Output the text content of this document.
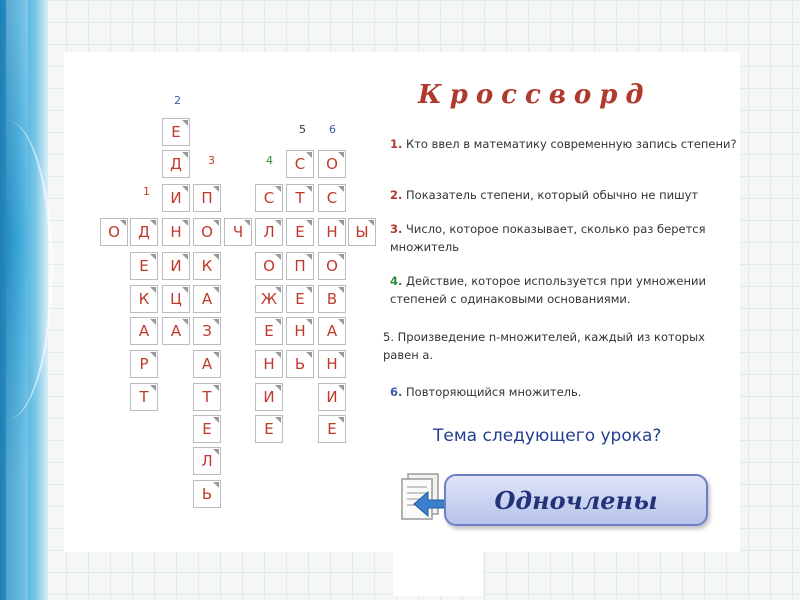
2
3
1
4
5 6
Е
Д
И
Н
И
Ц
А
П
О
К
А
З
А
Т
Е
Л
Ь
О	Д
Е
К
А
Р
Т
Ч
С
Л
О
Ж
Е
Н
И
Е
С
Т
Е
П
Е
Н
Ь
О
С
Н
О
В
А
Н
И
Е
Ы
Кроссворд
1. Кто ввел в математику современную запись степени?
2. Показатель степени, который обычно не пишут
3. Число, которое показывает, сколько раз берется множитель
4. Действие, которое используется при умножении степеней с одинаковыми основаниями.
5. Произведение n-множителей, каждый из которых равен a.
6. Повторяющийся множитель.
Тема следующего урока?
Одночлены
